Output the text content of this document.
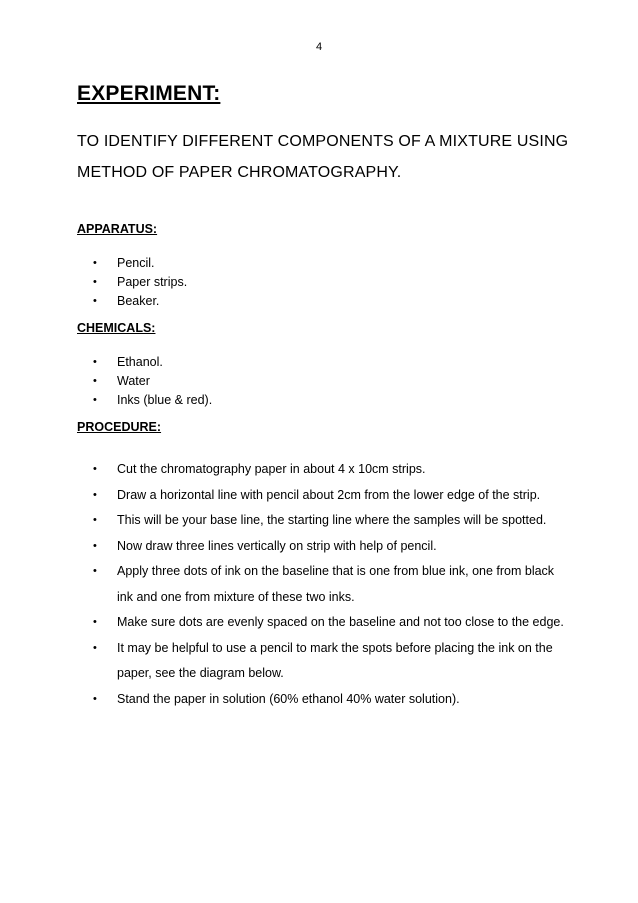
4
EXPERIMENT:

TO IDENTIFY DIFFERENT COMPONENTS OF A MIXTURE USING METHOD OF PAPER CHROMATOGRAPHY.

APPARATUS:
• Pencil.
• Paper strips.
• Beaker.
CHEMICALS:
• Ethanol.
• Water
• Inks (blue & red).
PROCEDURE:
• Cut the chromatography paper in about 4 x 10cm strips.
• Draw a horizontal line with pencil about 2cm from the lower edge of the strip.
• This will be your base line, the starting line where the samples will be spotted.
• Now draw three lines vertically on strip with help of pencil.
• Apply three dots of ink on the baseline that is one from blue ink, one from black ink and one from mixture of these two inks.
• Make sure dots are evenly spaced on the baseline and not too close to the edge.
• It may be helpful to use a pencil to mark the spots before placing the ink on the paper, see the diagram below.
• Stand the paper in solution (60% ethanol 40% water solution).
